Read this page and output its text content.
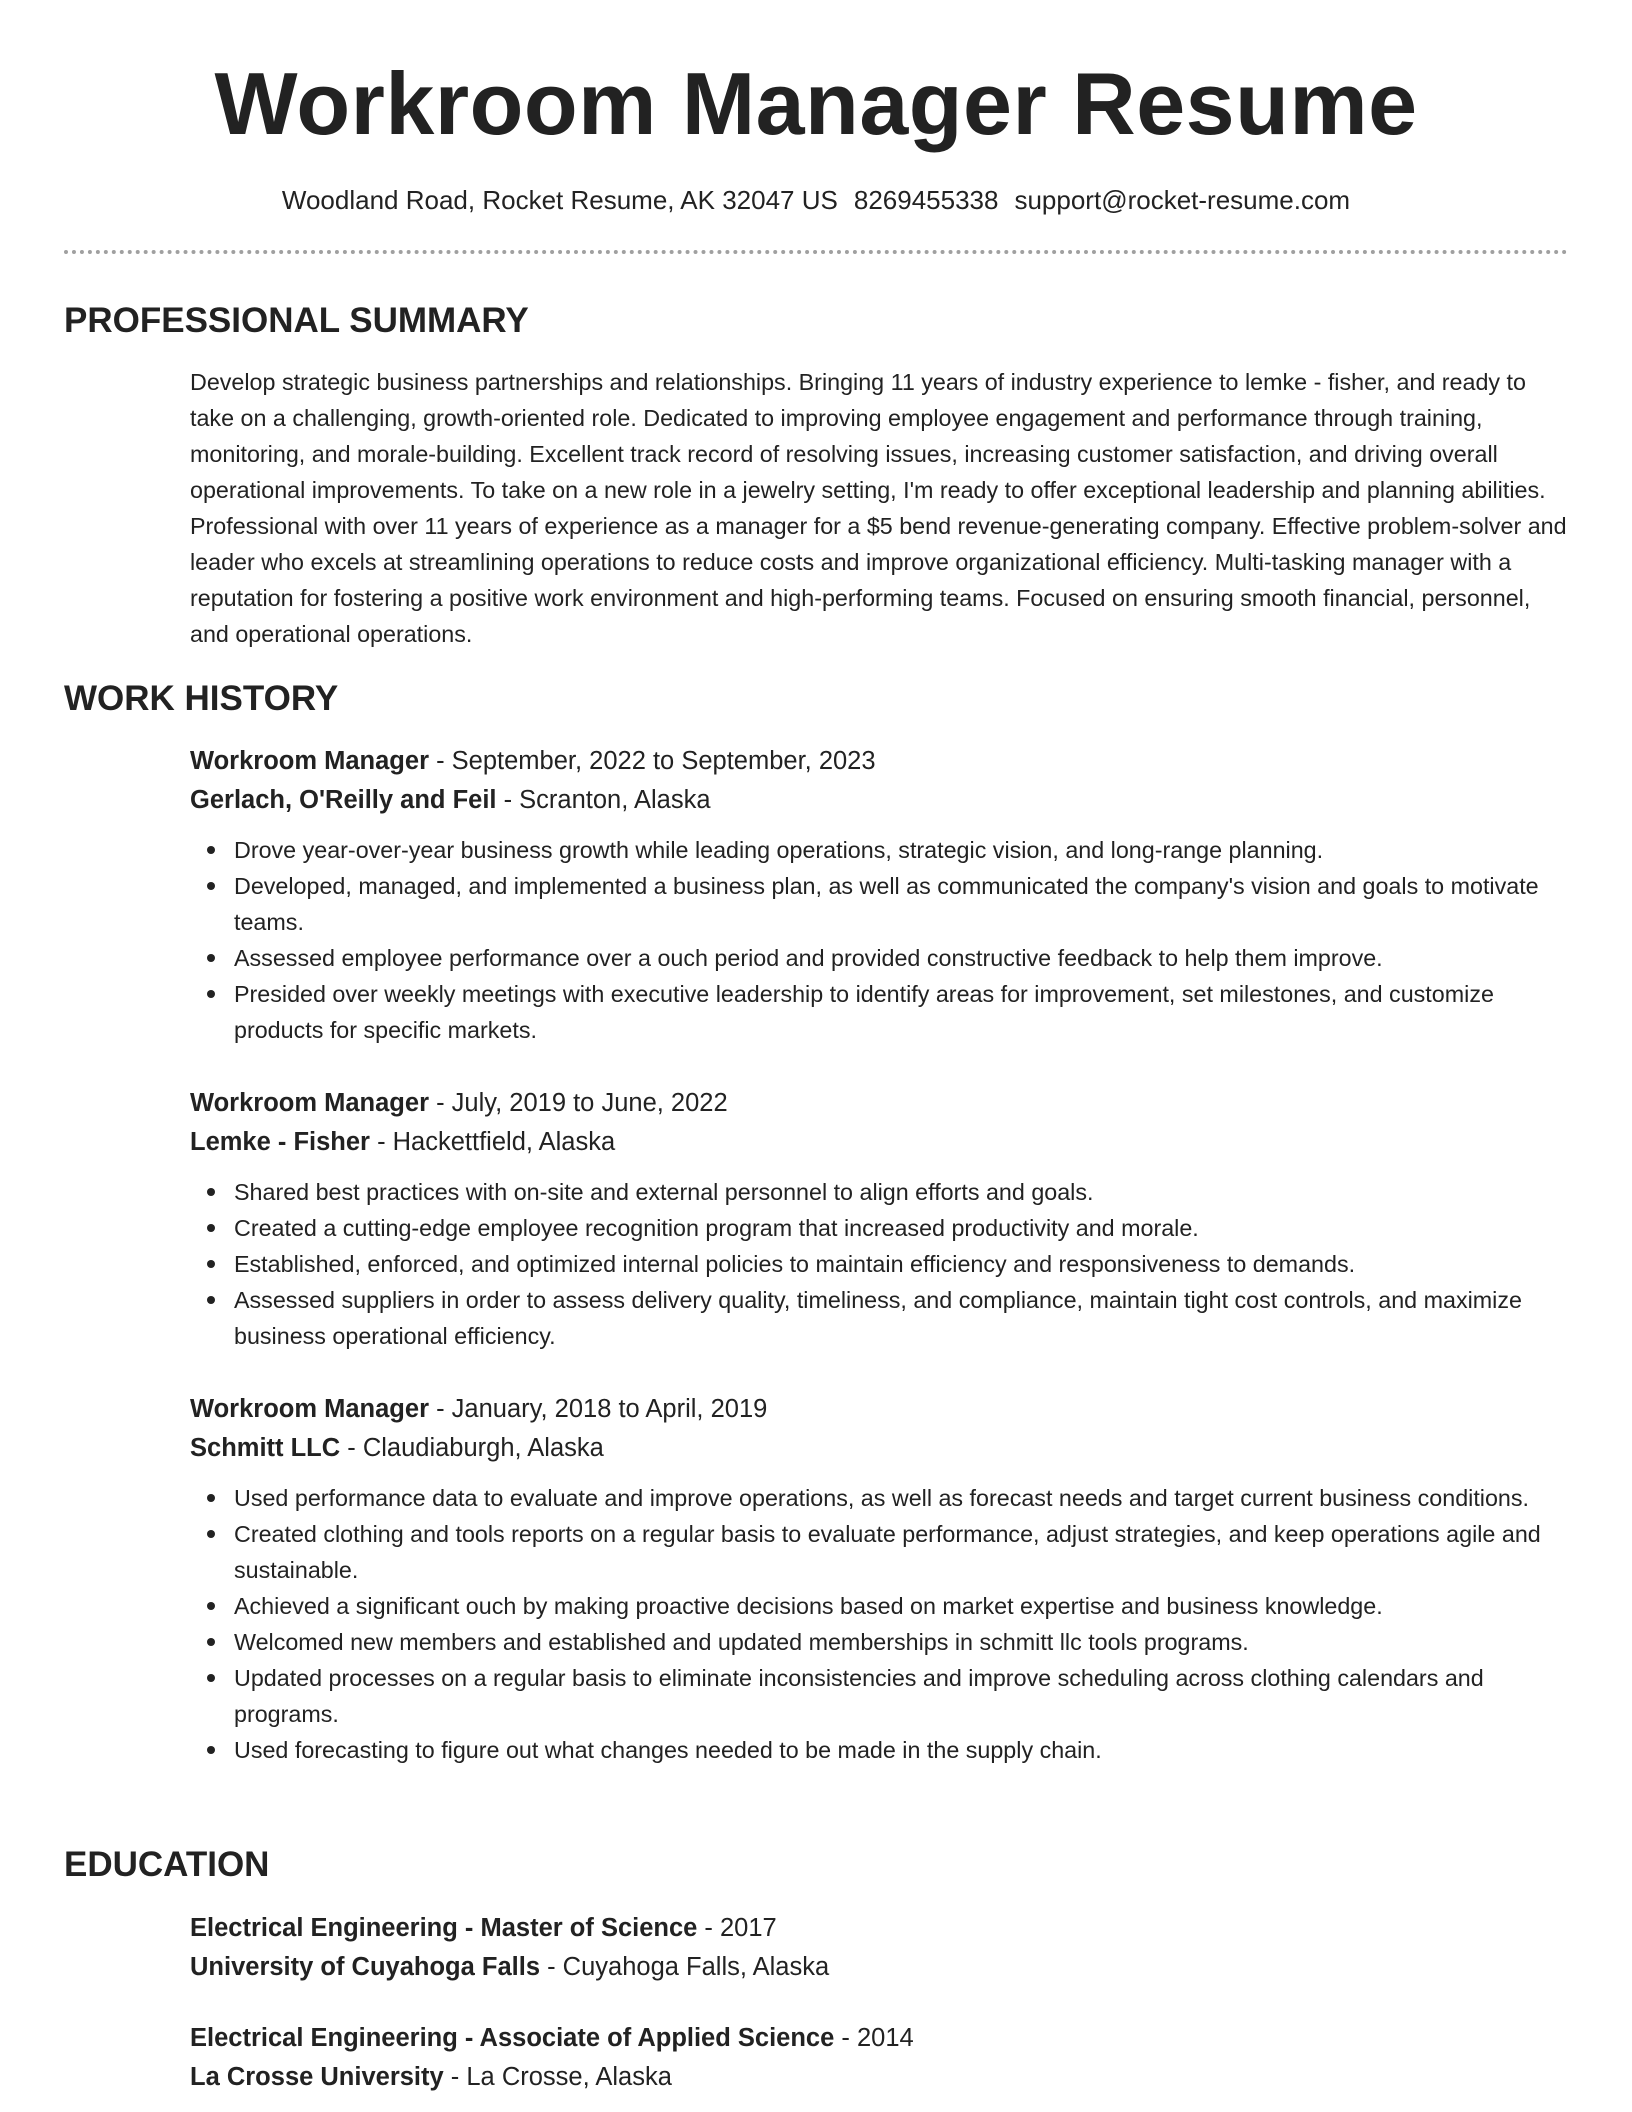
Workroom Manager Resume
Woodland Road, Rocket Resume, AK 32047 US 8269455338 support@rocket-resume.com
PROFESSIONAL SUMMARY

Develop strategic business partnerships and relationships. Bringing 11 years of industry experience to lemke - fisher, and ready to take on a challenging, growth-oriented role. Dedicated to improving employee engagement and performance through training, monitoring, and morale-building. Excellent track record of resolving issues, increasing customer satisfaction, and driving overall operational improvements. To take on a new role in a jewelry setting, I'm ready to offer exceptional leadership and planning abilities. Professional with over 11 years of experience as a manager for a $5 bend revenue-generating company. Effective problem-solver and leader who excels at streamlining operations to reduce costs and improve organizational efficiency. Multi-tasking manager with a reputation for fostering a positive work environment and high-performing teams. Focused on ensuring smooth financial, personnel, and operational operations.

WORK HISTORY
Workroom Manager - September, 2022 to September, 2023
Gerlach, O'Reilly and Feil - Scranton, Alaska
Drove year-over-year business growth while leading operations, strategic vision, and long-range planning.
Developed, managed, and implemented a business plan, as well as communicated the company's vision and goals to motivate teams.
Assessed employee performance over a ouch period and provided constructive feedback to help them improve.
Presided over weekly meetings with executive leadership to identify areas for improvement, set milestones, and customize products for specific markets.
Workroom Manager - July, 2019 to June, 2022
Lemke - Fisher - Hackettfield, Alaska
Shared best practices with on-site and external personnel to align efforts and goals.
Created a cutting-edge employee recognition program that increased productivity and morale.
Established, enforced, and optimized internal policies to maintain efficiency and responsiveness to demands.
Assessed suppliers in order to assess delivery quality, timeliness, and compliance, maintain tight cost controls, and maximize business operational efficiency.
Workroom Manager - January, 2018 to April, 2019
Schmitt LLC - Claudiaburgh, Alaska
Used performance data to evaluate and improve operations, as well as forecast needs and target current business conditions.
Created clothing and tools reports on a regular basis to evaluate performance, adjust strategies, and keep operations agile and sustainable.
Achieved a significant ouch by making proactive decisions based on market expertise and business knowledge.
Welcomed new members and established and updated memberships in schmitt llc tools programs.
Updated processes on a regular basis to eliminate inconsistencies and improve scheduling across clothing calendars and programs.
Used forecasting to figure out what changes needed to be made in the supply chain.
EDUCATION
Electrical Engineering - Master of Science - 2017
University of Cuyahoga Falls - Cuyahoga Falls, Alaska
Electrical Engineering - Associate of Applied Science - 2014
La Crosse University - La Crosse, Alaska
